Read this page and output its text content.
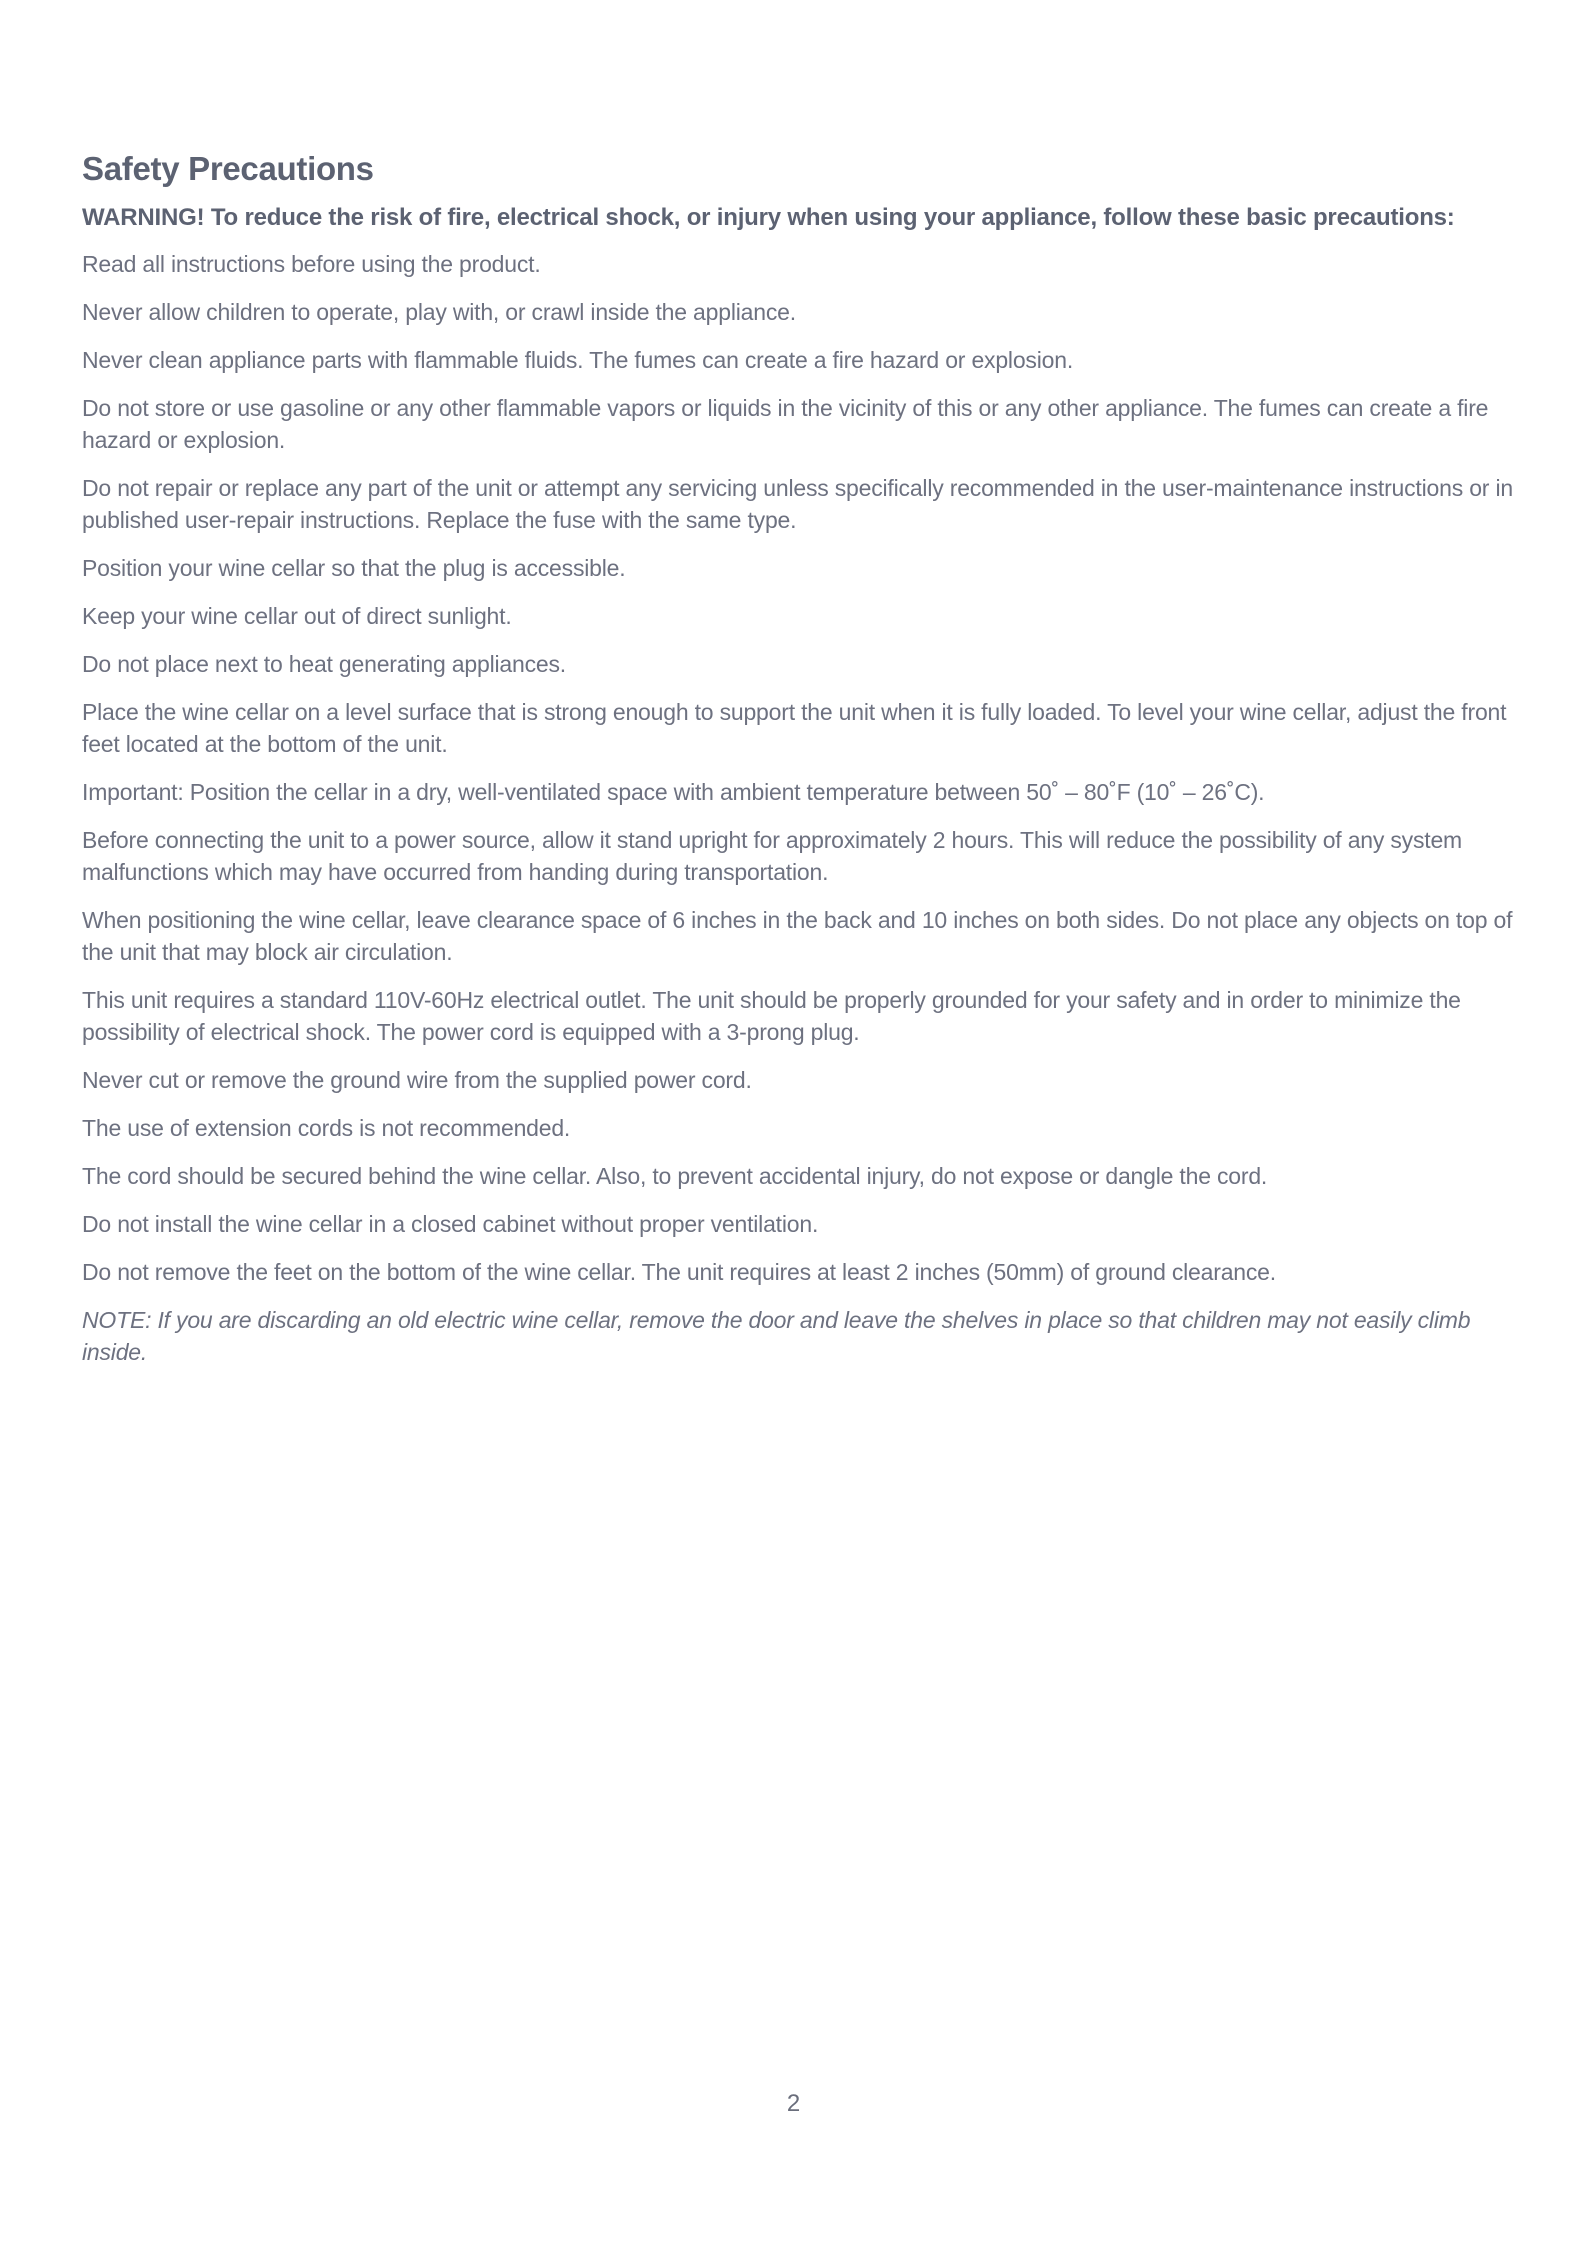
Safety Precautions

WARNING! To reduce the risk of fire, electrical shock, or injury when using your appliance, follow these basic precautions:

Read all instructions before using the product.
Never allow children to operate, play with, or crawl inside the appliance.
Never clean appliance parts with flammable fluids. The fumes can create a fire hazard or explosion.
Do not store or use gasoline or any other flammable vapors or liquids in the vicinity of this or any other appliance. The fumes can create a fire hazard or explosion.
Do not repair or replace any part of the unit or attempt any servicing unless specifically recommended in the user-maintenance instructions or in published user-repair instructions. Replace the fuse with the same type.
Position your wine cellar so that the plug is accessible.
Keep your wine cellar out of direct sunlight.
Do not place next to heat generating appliances.
Place the wine cellar on a level surface that is strong enough to support the unit when it is fully loaded. To level your wine cellar, adjust the front feet located at the bottom of the unit.
Important: Position the cellar in a dry, well-ventilated space with ambient temperature between 50˚ – 80˚F (10˚ – 26˚C).
Before connecting the unit to a power source, allow it stand upright for approximately 2 hours. This will reduce the possibility of any system malfunctions which may have occurred from handing during transportation.
When positioning the wine cellar, leave clearance space of 6 inches in the back and 10 inches on both sides. Do not place any objects on top of the unit that may block air circulation.
This unit requires a standard 110V-60Hz electrical outlet. The unit should be properly grounded for your safety and in order to minimize the possibility of electrical shock. The power cord is equipped with a 3-prong plug.
Never cut or remove the ground wire from the supplied power cord.
The use of extension cords is not recommended.
The cord should be secured behind the wine cellar. Also, to prevent accidental injury, do not expose or dangle the cord.
Do not install the wine cellar in a closed cabinet without proper ventilation.
Do not remove the feet on the bottom of the wine cellar. The unit requires at least 2 inches (50mm) of ground clearance.

NOTE: If you are discarding an old electric wine cellar, remove the door and leave the shelves in place so that children may not easily climb inside.

2
